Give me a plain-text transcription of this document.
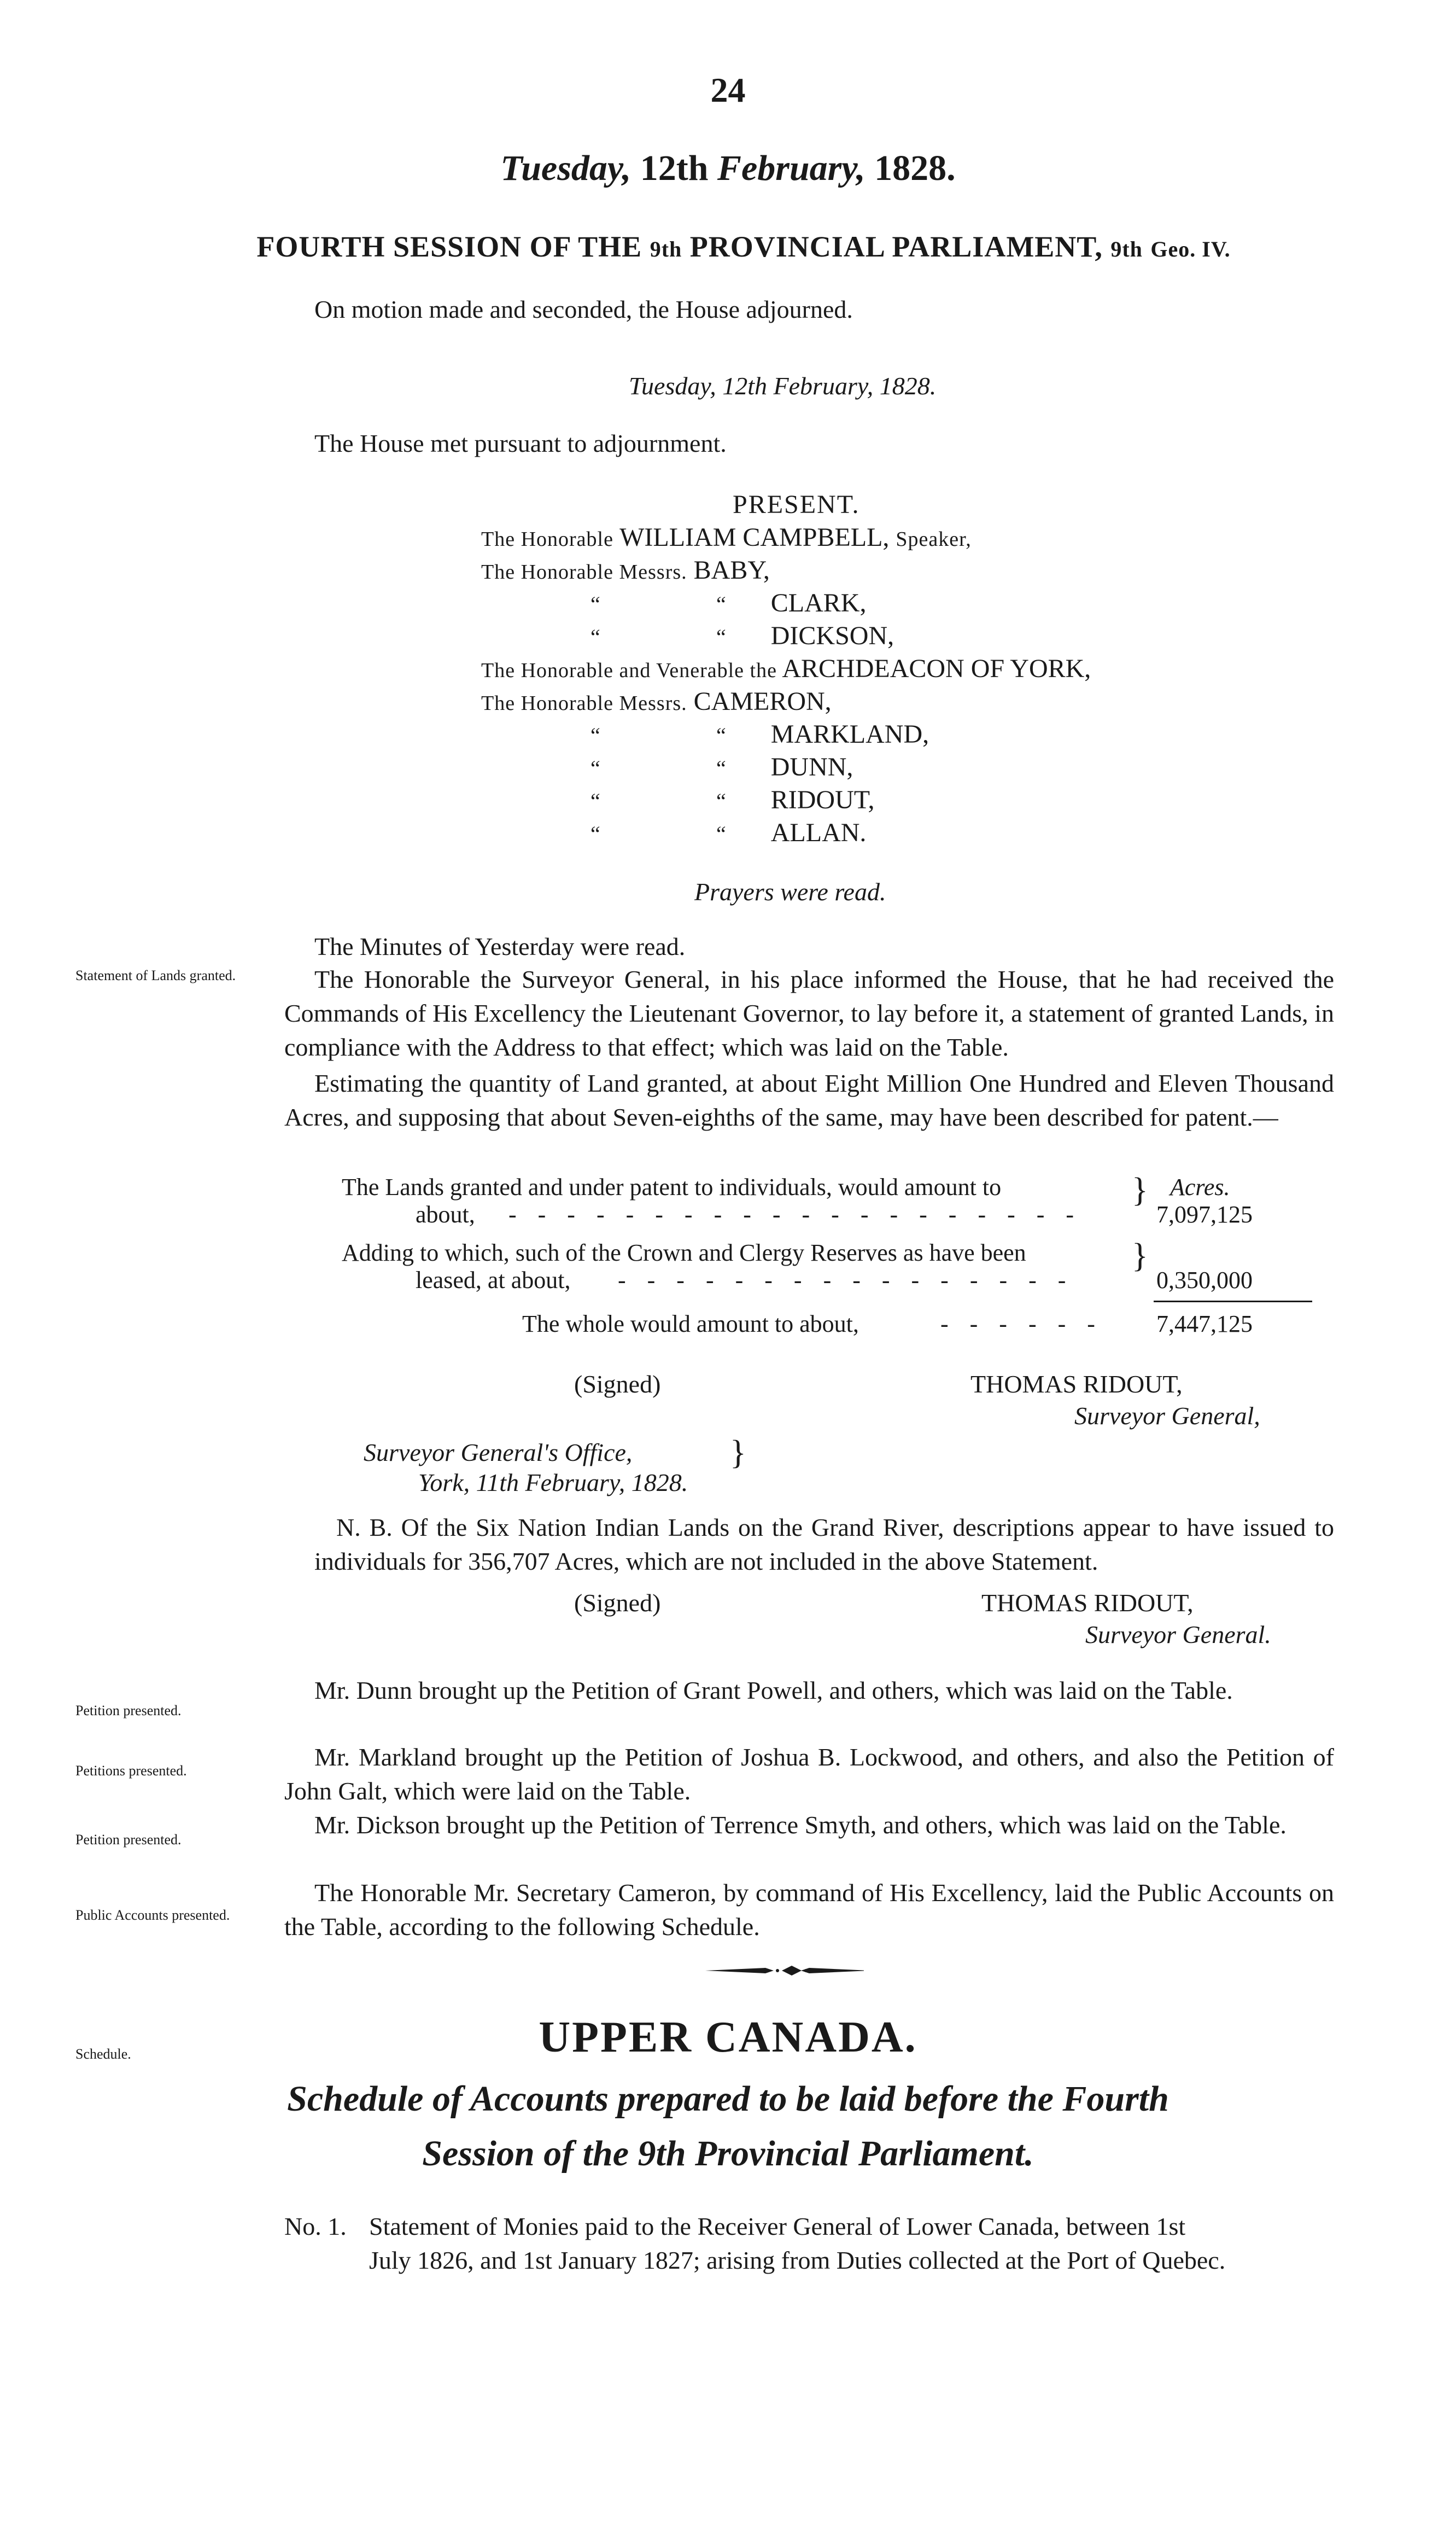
24
Tuesday, 12th February, 1828.
FOURTH SESSION OF THE 9th PROVINCIAL PARLIAMENT, 9th Geo. IV.
On motion made and seconded, the House adjourned.
Tuesday, 12th February, 1828.
The House met pursuant to adjournment.
PRESENT.
The Honorable WILLIAM CAMPBELL, Speaker,
The Honorable Messrs. BABY,
“	“ CLARK,
“	“ DICKSON,
The Honorable and Venerable the ARCHDEACON OF YORK,
The Honorable Messrs. CAMERON,
“	“ MARKLAND,
“	“ DUNN,
“	“ RIDOUT,
“	“ ALLAN.
Prayers were read.
The Minutes of Yesterday were read.
Statement of Lands granted.
Petition presented.
Petitions presented.
Petition presented.
Public Accounts presented.
Schedule.
The Honorable the Surveyor General, in his place informed the House, that he had received the Commands of His Excellency the Lieutenant Governor, to lay before it, a statement of granted Lands, in compliance with the Address to that effect; which was laid on the Table.
Estimating the quantity of Land granted, at about Eight Million One Hundred and Eleven Thousand Acres, and supposing that about Seven-eighths of the same, may have been described for patent.—
The Lands granted and under patent to individuals, would amount to
about, - - - - - - - - - - - - - - - - - - - -
} Acres.
7,097,125
Adding to which, such of the Crown and Clergy Reserves as have been
leased, at about, - - - - - - - - - - - - - - - -
}
0,350,000
The whole would amount to about,	- - - - - - 7,447,125
(Signed)	THOMAS RIDOUT,
Surveyor General,
Surveyor General's Office,
York, 11th February, 1828.
}
N. B. Of the Six Nation Indian Lands on the Grand River, descriptions appear to have issued to individuals for 356,707 Acres, which are not included in the above Statement.
(Signed)	THOMAS RIDOUT,
Surveyor General.
Mr. Dunn brought up the Petition of Grant Powell, and others, which was laid on the Table.
Mr. Markland brought up the Petition of Joshua B. Lockwood, and others, and also the Petition of John Galt, which were laid on the Table.
Mr. Dickson brought up the Petition of Terrence Smyth, and others, which was laid on the Table.
The Honorable Mr. Secretary Cameron, by command of His Excellency, laid the Public Accounts on the Table, according to the following Schedule.
UPPER CANADA.
Schedule of Accounts prepared to be laid before the Fourth
Session of the 9th Provincial Parliament.
No. 1. Statement of Monies paid to the Receiver General of Lower Canada, between 1st
July 1826, and 1st January 1827; arising from Duties collected at the Port of Quebec.
